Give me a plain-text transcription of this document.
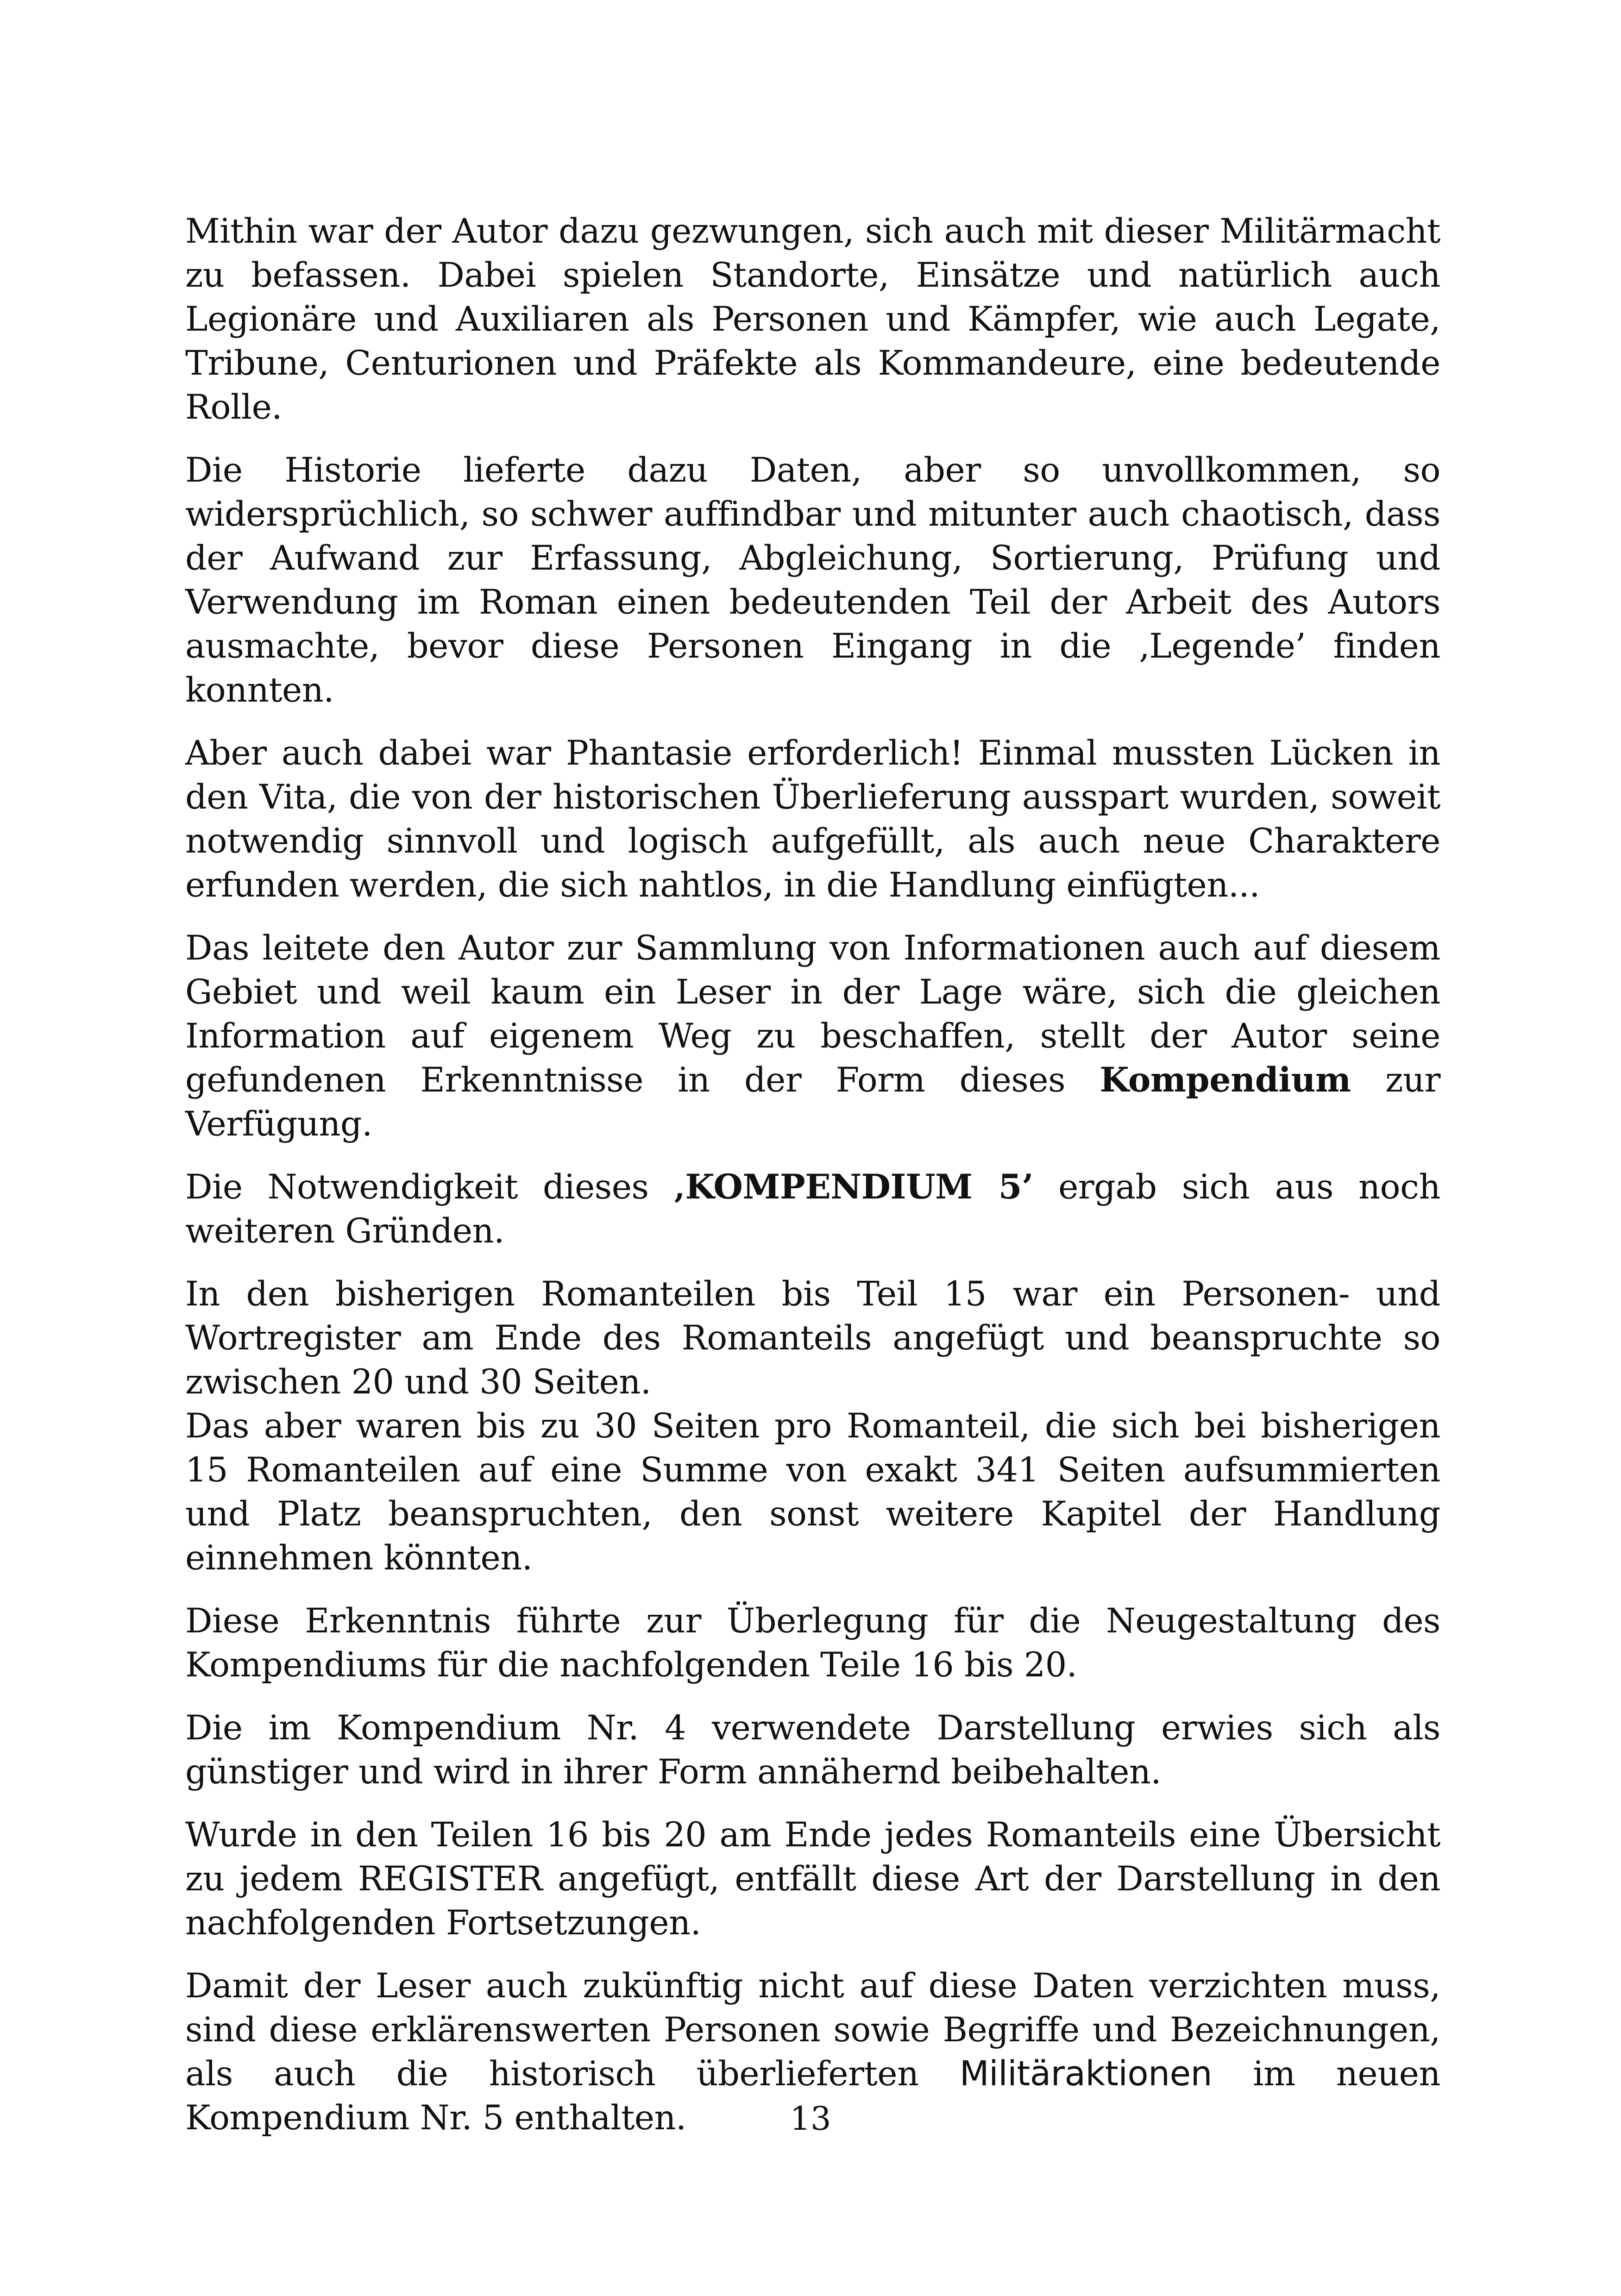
Mithin war der Autor dazu gezwungen, sich auch mit dieser Militärmacht zu befassen. Dabei spielen Standorte, Einsätze und natürlich auch Legionäre und Auxiliaren als Personen und Kämpfer, wie auch Legate, Tribune, Centurionen und Präfekte als Kommandeure, eine bedeutende Rolle.

Die Historie lieferte dazu Daten, aber so unvollkommen, so widersprüchlich, so schwer auffindbar und mitunter auch chaotisch, dass der Aufwand zur Erfassung, Abgleichung, Sortierung, Prüfung und Verwendung im Roman einen bedeutenden Teil der Arbeit des Autors ausmachte, bevor diese Personen Eingang in die ‚Legende’ finden konnten.

Aber auch dabei war Phantasie erforderlich! Einmal mussten Lücken in den Vita, die von der historischen Überlieferung ausspart wurden, soweit notwendig sinnvoll und logisch aufgefüllt, als auch neue Charaktere erfunden werden, die sich nahtlos, in die Handlung einfügten...

Das leitete den Autor zur Sammlung von Informationen auch auf diesem Gebiet und weil kaum ein Leser in der Lage wäre, sich die gleichen Information auf eigenem Weg zu beschaffen, stellt der Autor seine gefundenen Erkenntnisse in der Form dieses Kompendium zur Verfügung.

Die Notwendigkeit dieses ‚KOMPENDIUM 5’ ergab sich aus noch weiteren Gründen.

In den bisherigen Romanteilen bis Teil 15 war ein Personen- und Wortregister am Ende des Romanteils angefügt und beanspruchte so zwischen 20 und 30 Seiten.
Das aber waren bis zu 30 Seiten pro Romanteil, die sich bei bisherigen 15 Romanteilen auf eine Summe von exakt 341 Seiten aufsummierten und Platz beanspruchten, den sonst weitere Kapitel der Handlung einnehmen könnten.

Diese Erkenntnis führte zur Überlegung für die Neugestaltung des Kompendiums für die nachfolgenden Teile 16 bis 20.

Die im Kompendium Nr. 4 verwendete Darstellung erwies sich als günstiger und wird in ihrer Form annähernd beibehalten.

Wurde in den Teilen 16 bis 20 am Ende jedes Romanteils eine Übersicht zu jedem REGISTER angefügt, entfällt diese Art der Darstellung in den nachfolgenden Fortsetzungen.

Damit der Leser auch zukünftig nicht auf diese Daten verzichten muss, sind diese erklärenswerten Personen sowie Begriffe und Bezeichnungen, als auch die historisch überlieferten Militäraktionen im neuen Kompendium Nr. 5 enthalten.	13
